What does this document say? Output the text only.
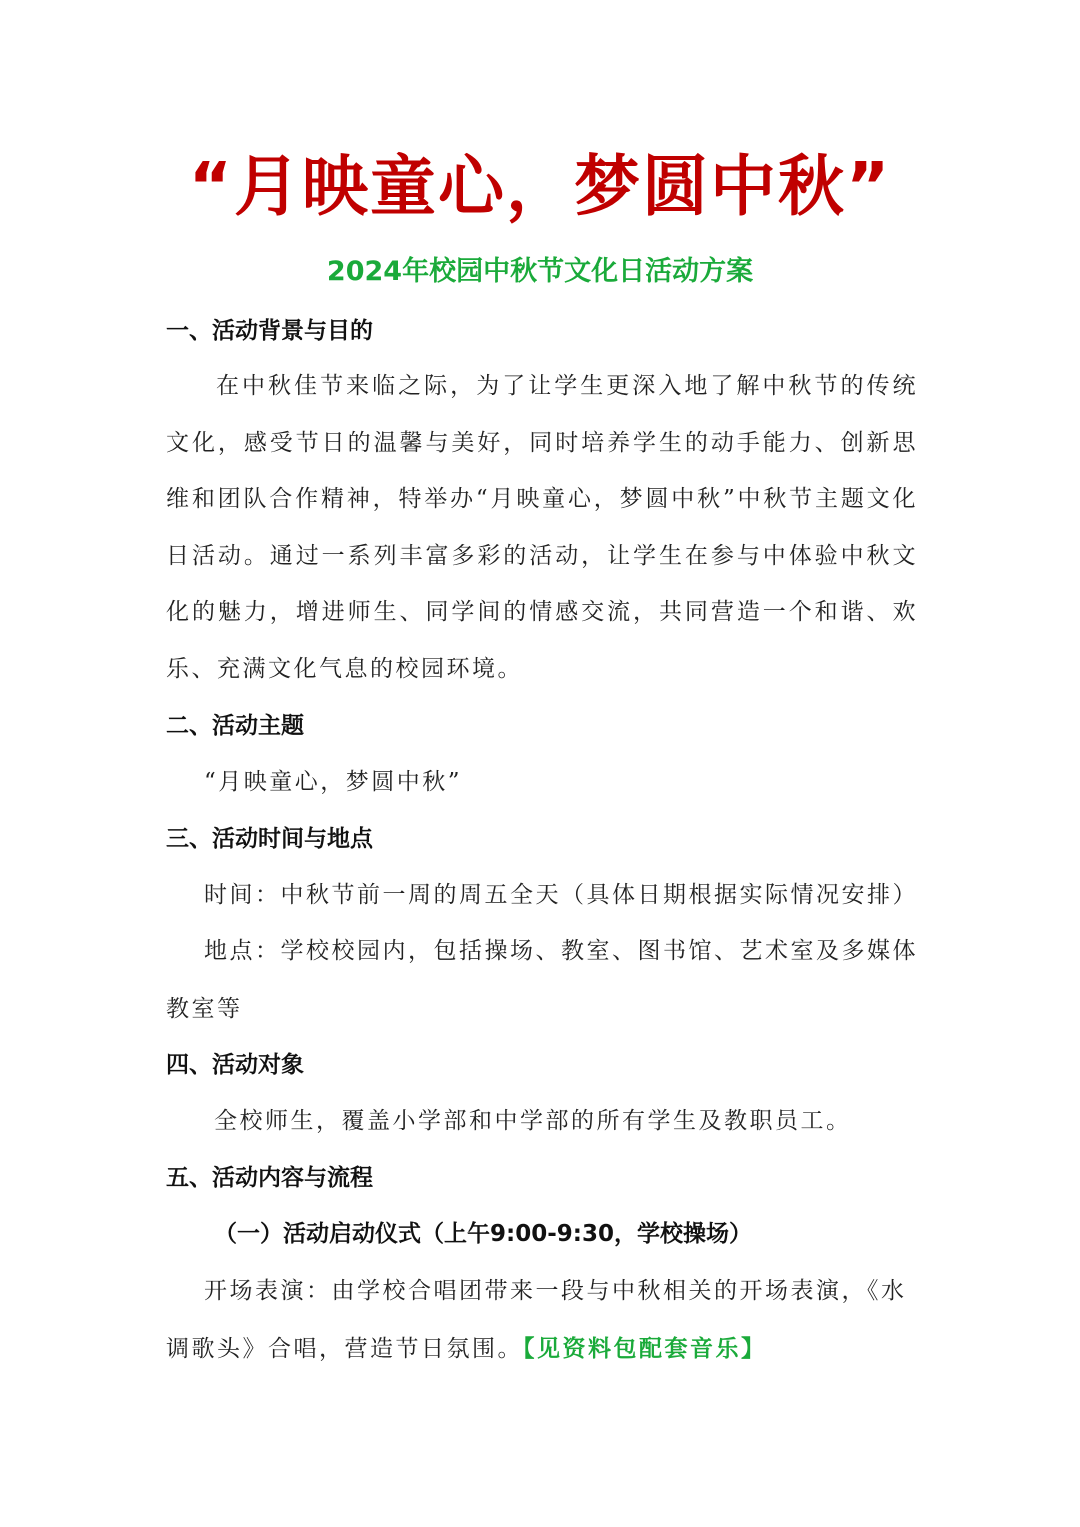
“月映童心，梦圆中秋”
2024年校园中秋节文化日活动方案
一、活动背景与目的
在中秋佳节来临之际，为了让学生更深入地了解中秋节的传统文化，感受节日的温馨与美好，同时培养学生的动手能力、创新思维和团队合作精神，特举办“月映童心，梦圆中秋”中秋节主题文化日活动。通过一系列丰富多彩的活动，让学生在参与中体验中秋文化的魅力，增进师生、同学间的情感交流，共同营造一个和谐、欢乐、充满文化气息的校园环境。
二、活动主题
“月映童心，梦圆中秋”
三、活动时间与地点
时间：中秋节前一周的周五全天（具体日期根据实际情况安排）
地点：学校校园内，包括操场、教室、图书馆、艺术室及多媒体教室等
四、活动对象
全校师生，覆盖小学部和中学部的所有学生及教职员工。
五、活动内容与流程
（一）活动启动仪式（上午9:00-9:30，学校操场）
开场表演：由学校合唱团带来一段与中秋相关的开场表演，《水调歌头》合唱，营造节日氛围。【见资料包配套音乐】
